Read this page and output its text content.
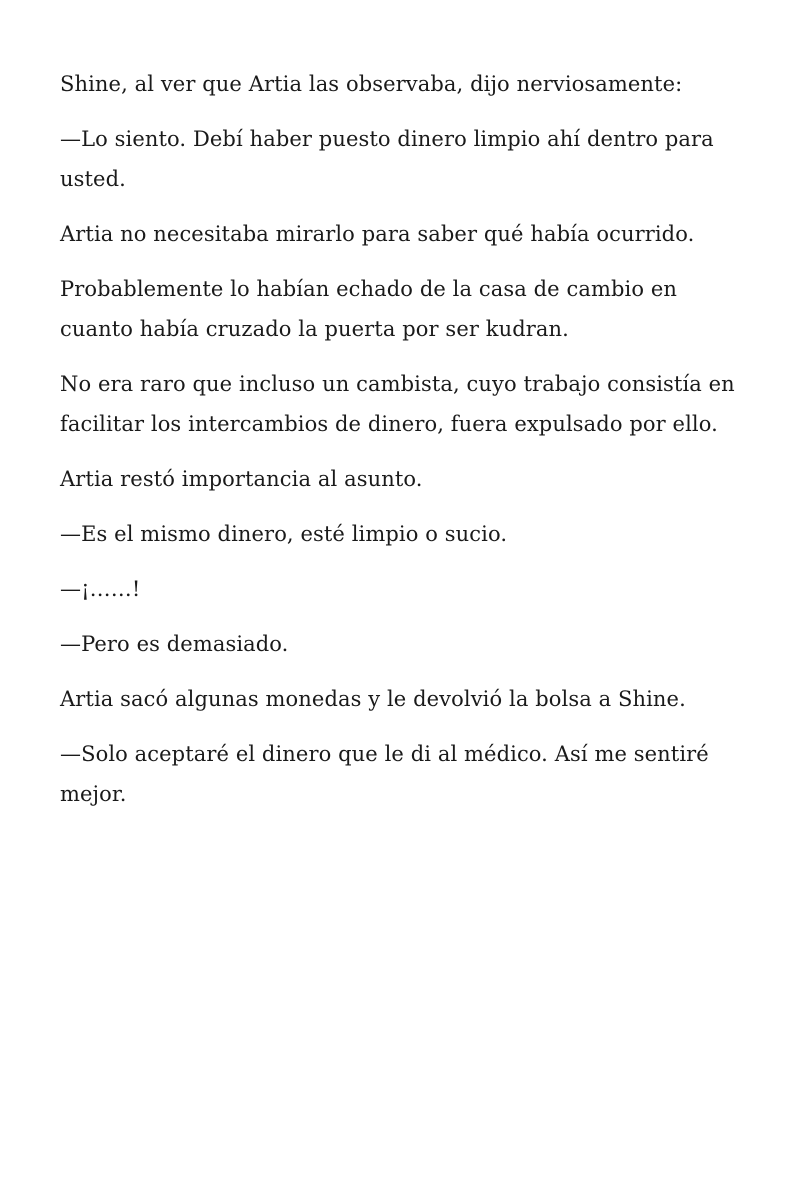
Shine, al ver que Artia las observaba, dijo nerviosamente:

—Lo siento. Debí haber puesto dinero limpio ahí dentro para usted.

Artia no necesitaba mirarlo para saber qué había ocurrido.

Probablemente lo habían echado de la casa de cambio en cuanto había cruzado la puerta por ser kudran.

No era raro que incluso un cambista, cuyo trabajo consistía en facilitar los intercambios de dinero, fuera expulsado por ello.

Artia restó importancia al asunto.

—Es el mismo dinero, esté limpio o sucio.

—¡……!

—Pero es demasiado.

Artia sacó algunas monedas y le devolvió la bolsa a Shine.

—Solo aceptaré el dinero que le di al médico. Así me sentiré mejor.
